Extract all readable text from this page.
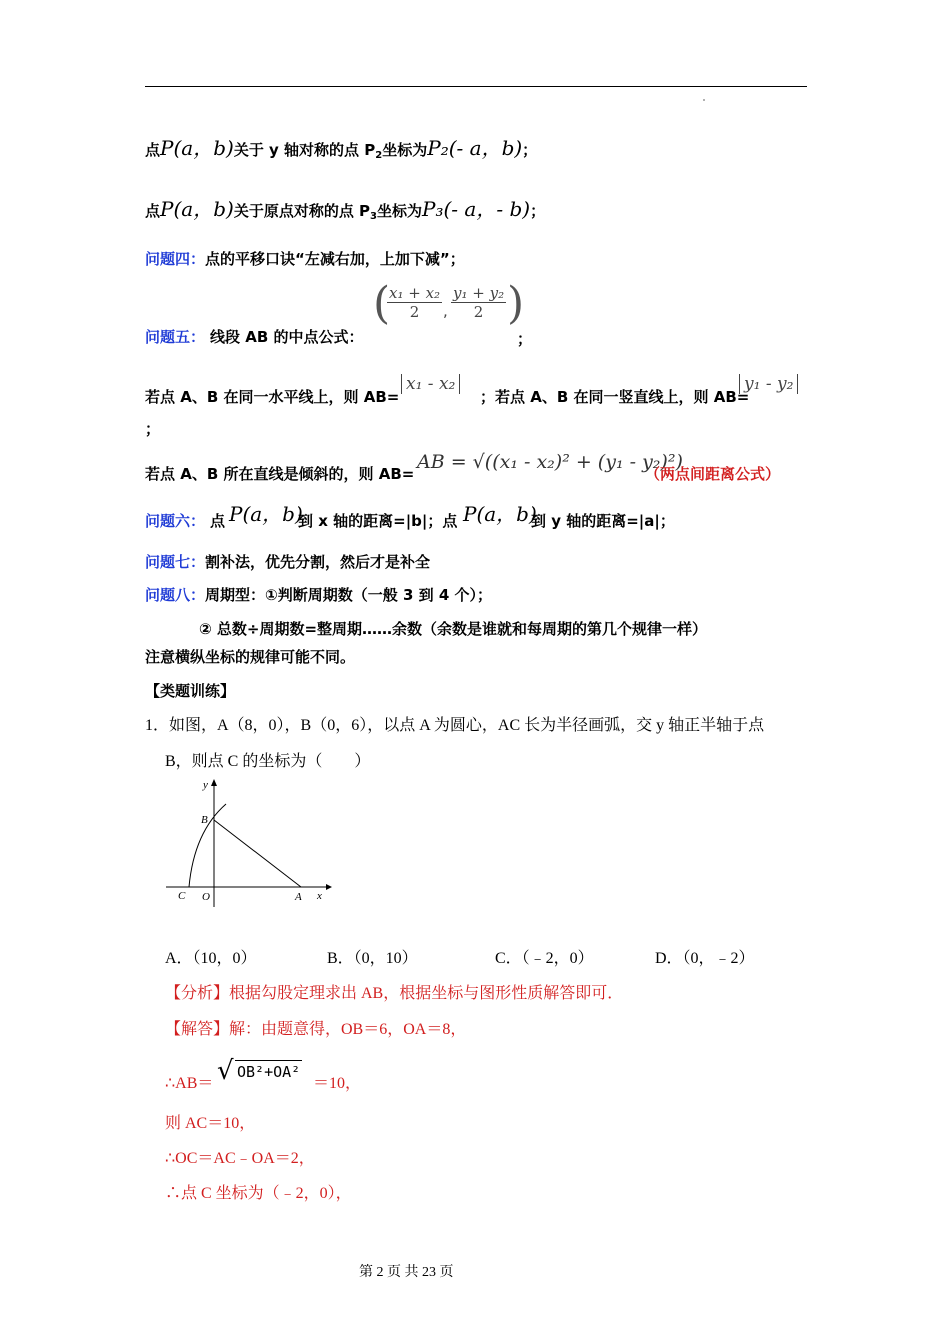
点P(a，b)关于 y 轴对称的点 $P_2$坐标为P₂(- a，b)；
点P(a，b)关于原点对称的点 $P_3$坐标为P₃(- a，- b)；
问题四：点的平移口诀“左减右加，上加下减”；
问题五： 线段 AB 的中点公式：
(
$\frac{\text{x₁ + x₂}}{2}$ , $\frac{\text{y₁ + y₂}}{2}$ )
；
若点 A、B 在同一水平线上，则 AB=
x₁ - x₂
；若点 A、B 在同一竖直线上，则 AB=
y₁ - y₂
；
若点 A、B 所在直线是倾斜的，则 AB=
AB = √((x₁ - x₂)² + (y₁ - y₂)²)
（两点间距离公式）
问题六： 点 P(a，b)
到 x 轴的距离=|b|；点 P(a，b)
到 y 轴的距离=|a|；
问题七：割补法，优先分割，然后才是补全
问题八：周期型：①判断周期数（一般 3 到 4 个）；
② 总数÷周期数=整周期……余数（余数是谁就和每周期的第几个规律一样）
注意横纵坐标的规律可能不同。
【类题训练】
1．如图，A（8，0），B（0，6），以点 A 为圆心，AC 长为半径画弧，交 y 轴正半轴于点
B，则点 C 的坐标为（　　）
y
x
B
C O	A
A．（10，0）	B．（0，10）	C．（﹣2，0）	D．（0，﹣2）
【分析】根据勾股定理求出 AB，根据坐标与图形性质解答即可．
【解答】解：由题意得，OB＝6，OA＝8，
∴AB＝ √ OB²+OA²
＝10，
则 AC＝10，
∴OC＝AC﹣OA＝2，
∴点 C 坐标为（﹣2，0），
第 2 页 共 23 页
